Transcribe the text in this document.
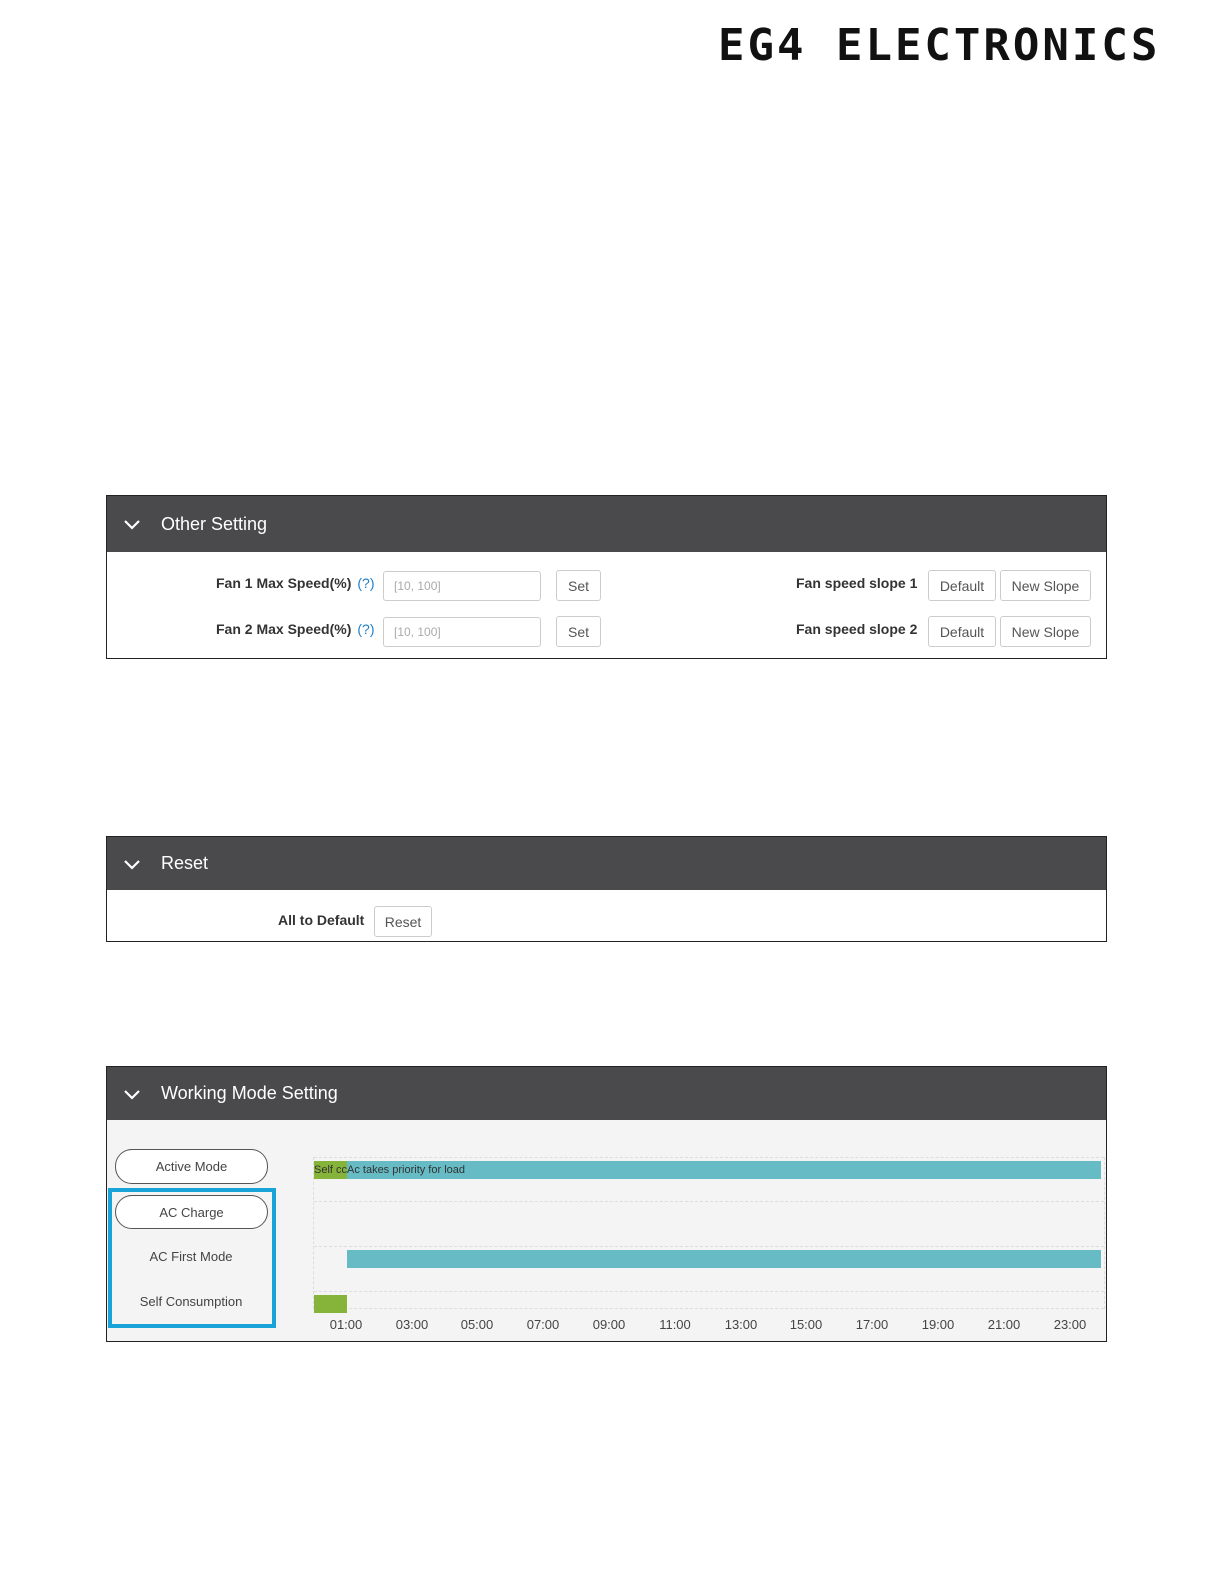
EG4 ELECTRONICS
Other Setting
Fan 1 Max Speed(%) (?)
[10, 100]	Set	Fan speed slope 1	Default	New Slope
Fan 2 Max Speed(%) (?)
[10, 100]	Set	Fan speed slope 2	Default	New Slope
Reset
All to Default	Reset
Working Mode Setting
Active Mode
AC Charge
AC First Mode
Self Consumption
Self cc Ac takes priority for load
01:00	03:00	05:00	07:00	09:00	11:00	13:00	15:00	17:00	19:00	21:00	23:00
